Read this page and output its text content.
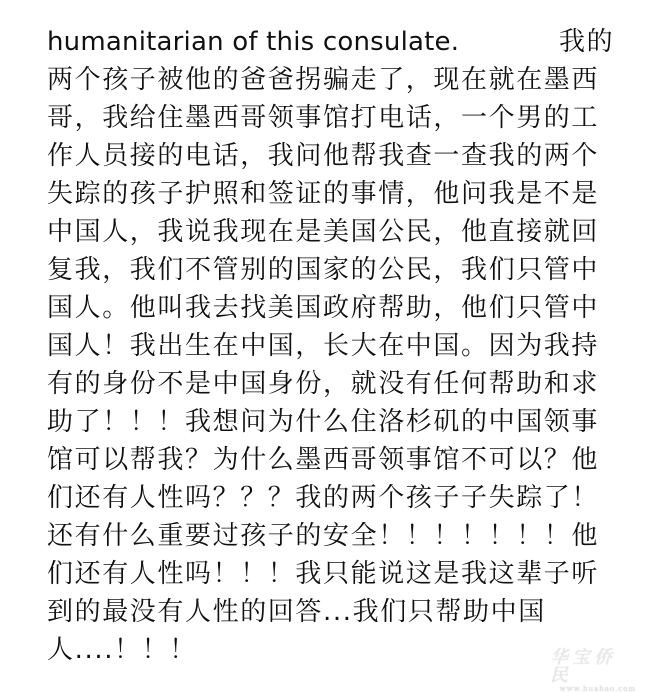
humanitarian of this consulate.	我的
两个孩子被他的爸爸拐骗走了，现在就在墨西
哥，我给住墨西哥领事馆打电话，一个男的工
作人员接的电话，我问他帮我查一查我的两个
失踪的孩子护照和签证的事情，他问我是不是
中国人，我说我现在是美国公民，他直接就回
复我，我们不管别的国家的公民，我们只管中
国人。他叫我去找美国政府帮助，他们只管中
国人！我出生在中国，长大在中国。因为我持
有的身份不是中国身份，就没有任何帮助和求
助了！！！我想问为什么住洛杉矶的中国领事
馆可以帮我？为什么墨西哥领事馆不可以？他
们还有人性吗？？？我的两个孩子子失踪了！
还有什么重要过孩子的安全！！！！！！！他
们还有人性吗！！！我只能说这是我这辈子听
到的最没有人性的回答...我们只帮助中国
人....！！！	华宝侨民
www.huabao.com
